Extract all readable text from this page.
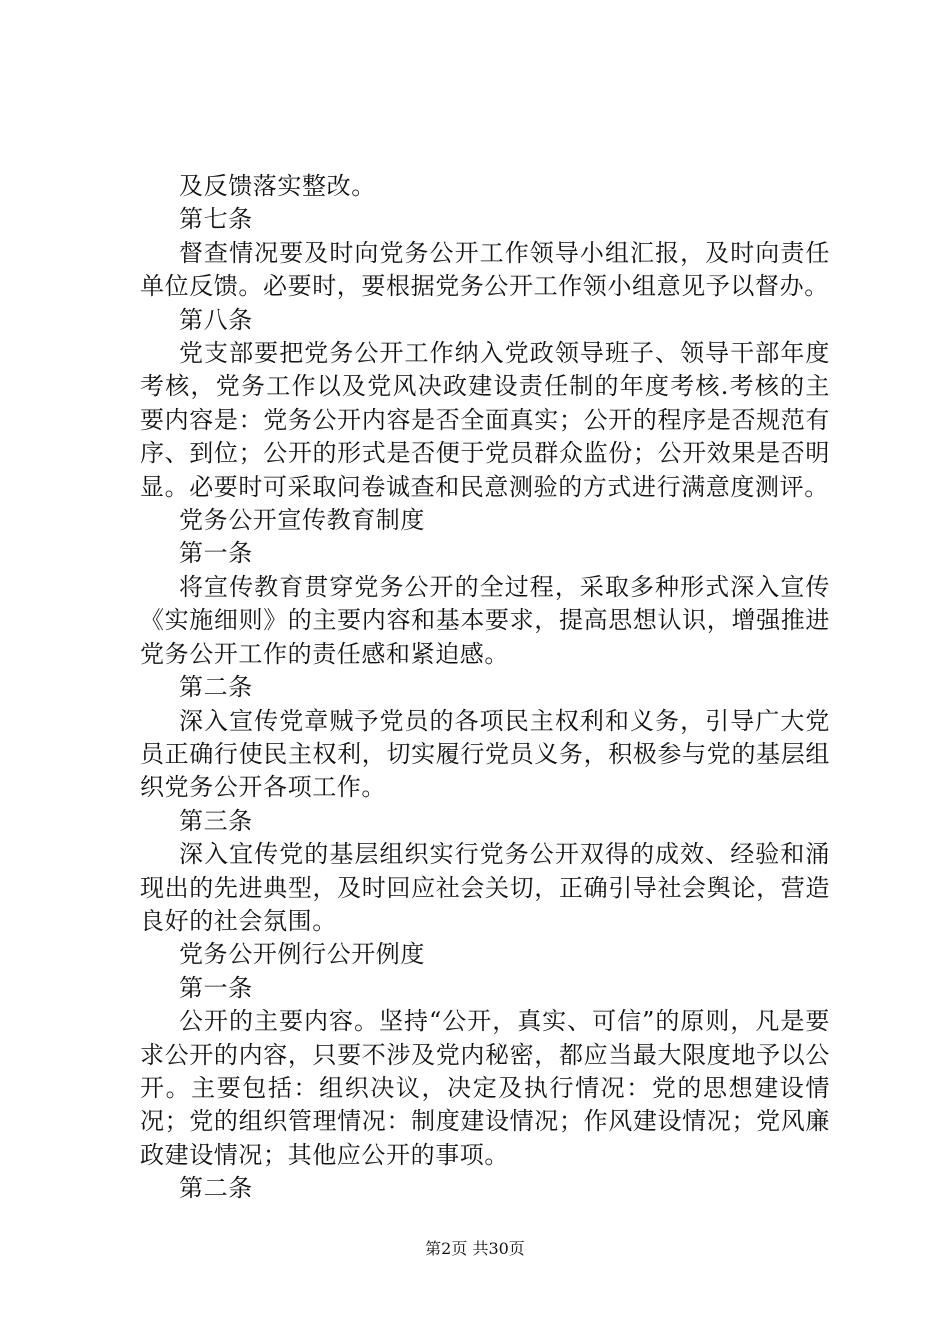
及反馈落实整改。

第七条

督查情况要及时向党务公开工作领导小组汇报，及时向责任单位反馈。必要时，要根据党务公开工作领小组意见予以督办。

第八条

党支部要把党务公开工作纳入党政领导班子、领导干部年度考核，党务工作以及党风决政建设责任制的年度考核.考核的主要内容是：党务公开内容是否全面真实；公开的程序是否规范有序、到位；公开的形式是否便于党员群众监份；公开效果是否明显。必要时可采取问卷诚查和民意测验的方式进行满意度测评。

党务公开宣传教育制度

第一条

将宣传教育贯穿党务公开的全过程，采取多种形式深入宣传《实施细则》的主要内容和基本要求，提高思想认识，增强推进党务公开工作的责任感和紧迫感。

第二条

深入宣传党章贼予党员的各项民主权利和义务，引导广大党员正确行使民主权利，切实履行党员义务，积极参与党的基层组织党务公开各项工作。

第三条

深入宜传党的基层组织实行党务公开双得的成效、经验和涌现出的先进典型，及时回应社会关切，正确引导社会舆论，营造良好的社会氛围。

党务公开例行公开例度

第一条

公开的主要内容。坚持“公开，真实、可信”的原则，凡是要求公开的内容，只要不涉及党内秘密，都应当最大限度地予以公开。主要包括：组织决议，决定及执行情况：党的思想建设情况；党的组织管理情况：制度建设情况；作风建设情况；党风廉政建设情况；其他应公开的事项。

第二条

第2页 共30页
